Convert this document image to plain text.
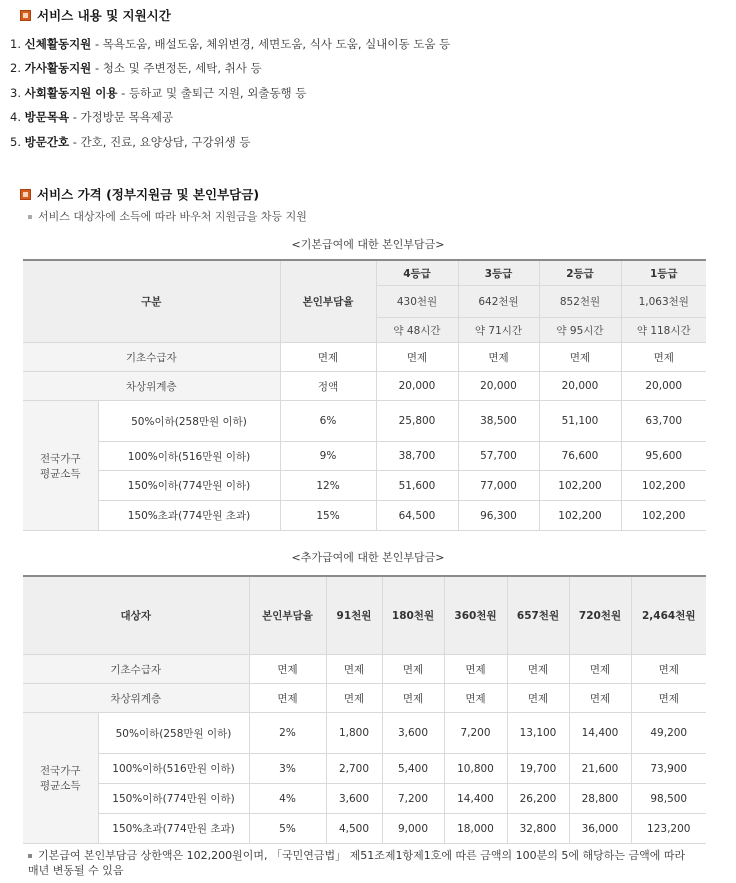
서비스 내용 및 지원시간
1. 신체활동지원 - 목욕도움, 배설도움, 체위변경, 세면도움, 식사 도움, 실내이동 도움 등
2. 가사활동지원 - 청소 및 주변정돈, 세탁, 취사 등
3. 사회활동지원 이용 - 등하교 및 출퇴근 지원, 외출동행 등
4. 방문목욕 - 가정방문 목욕제공
5. 방문간호 - 간호, 진료, 요양상담, 구강위생 등
서비스 가격 (정부지원금 및 본인부담금)
서비스 대상자에 소득에 따라 바우처 지원금을 차등 지원
<기본급여에 대한 본인부담금>
구분		본인부담율	4등급	3등급	2등급	1등급
			430천원	642천원	852천원	1,063천원
			약 48시간	약 71시간	약 95시간	약 118시간
기초수급자		면제	면제	면제	면제	면제
차상위계층		정액	20,000	20,000	20,000	20,000
전국가구
평균소득	50%이하(258만원 이하)	6%	25,800	38,500	51,100	63,700
	100%이하(516만원 이하)	9%	38,700	57,700	76,600	95,600
	150%이하(774만원 이하)	12%	51,600	77,000	102,200	102,200
	150%초과(774만원 초과)	15%	64,500	96,300	102,200	102,200
<추가급여에 대한 본인부담금>
대상자		본인부담율	91천원	180천원	360천원	657천원	720천원	2,464천원
기초수급자		면제	면제	면제	면제	면제	면제	면제
차상위계층		면제	면제	면제	면제	면제	면제	면제
전국가구
평균소득	50%이하(258만원 이하)	2%	1,800	3,600	7,200	13,100	14,400	49,200
	100%이하(516만원 이하)	3%	2,700	5,400	10,800	19,700	21,600	73,900
	150%이하(774만원 이하)	4%	3,600	7,200	14,400	26,200	28,800	98,500
	150%초과(774만원 초과)	5%	4,500	9,000	18,000	32,800	36,000	123,200
기본급여 본인부담금 상한액은 102,200원이며, 「국민연금법」 제51조제1항제1호에 따른 금액의 100분의 5에 해당하는 금액에 따라 매년 변동될 수 있음
